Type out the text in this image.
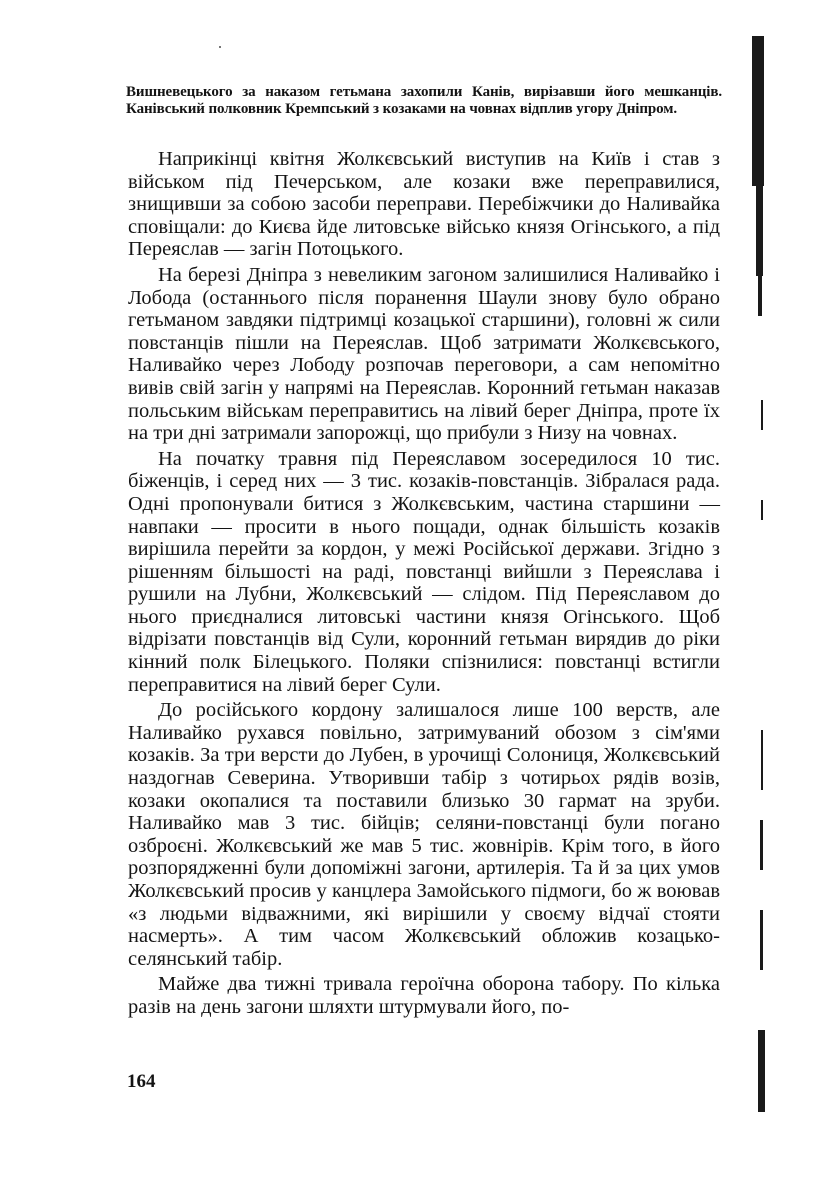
Вишневецького за наказом гетьмана захопили Канів, вирізавши його мешканців. Канівський полковник Кремпський з козаками на човнах відплив угору Дніпром.

Наприкінці квітня Жолкєвський виступив на Київ і став з військом під Печерськом, але козаки вже переправилися, знищивши за собою засоби переправи. Перебіжчики до Наливайка сповіщали: до Києва йде литовське військо князя Огінського, а під Переяслав — загін Потоцького.

На березі Дніпра з невеликим загоном залишилися Наливайко і Лобода (останнього після поранення Шаули знову було обрано гетьманом завдяки підтримці козацької старшини), головні ж сили повстанців пішли на Переяслав. Щоб затримати Жолкєвського, Наливайко через Лободу розпочав переговори, а сам непомітно вивів свій загін у напрямі на Переяслав. Коронний гетьман наказав польським військам переправитись на лівий берег Дніпра, проте їх на три дні затримали запорожці, що прибули з Низу на човнах.

На початку травня під Переяславом зосередилося 10 тис. біженців, і серед них — 3 тис. козаків-повстанців. Зібралася рада. Одні пропонували битися з Жолкєвським, частина старшини — навпаки — просити в нього пощади, однак більшість козаків вирішила перейти за кордон, у межі Російської держави. Згідно з рішенням більшості на раді, повстанці вийшли з Переяслава і рушили на Лубни, Жолкєвський — слідом. Під Переяславом до нього приєдналися литовські частини князя Огінського. Щоб відрізати повстанців від Сули, коронний гетьман вирядив до ріки кінний полк Білецького. Поляки спізнилися: повстанці встигли переправитися на лівий берег Сули.

До російського кордону залишалося лише 100 верств, але Наливайко рухався повільно, затримуваний обозом з сім'ями козаків. За три версти до Лубен, в урочищі Солониця, Жолкєвський наздогнав Северина. Утворивши табір з чотирьох рядів возів, козаки окопалися та поставили близько 30 гармат на зруби. Наливайко мав 3 тис. бійців; селяни-повстанці були погано озброєні. Жолкєвський же мав 5 тис. жовнірів. Крім того, в його розпорядженні були допоміжні загони, артилерія. Та й за цих умов Жолкєвський просив у канцлера Замойського підмоги, бо ж воював «з людьми відважними, які вирішили у своєму відчаї стояти насмерть». А тим часом Жолкєвський обложив козацько-селянський табір.

Майже два тижні тривала героїчна оборона табору. По кілька разів на день загони шляхти штурмували його, по-

164
